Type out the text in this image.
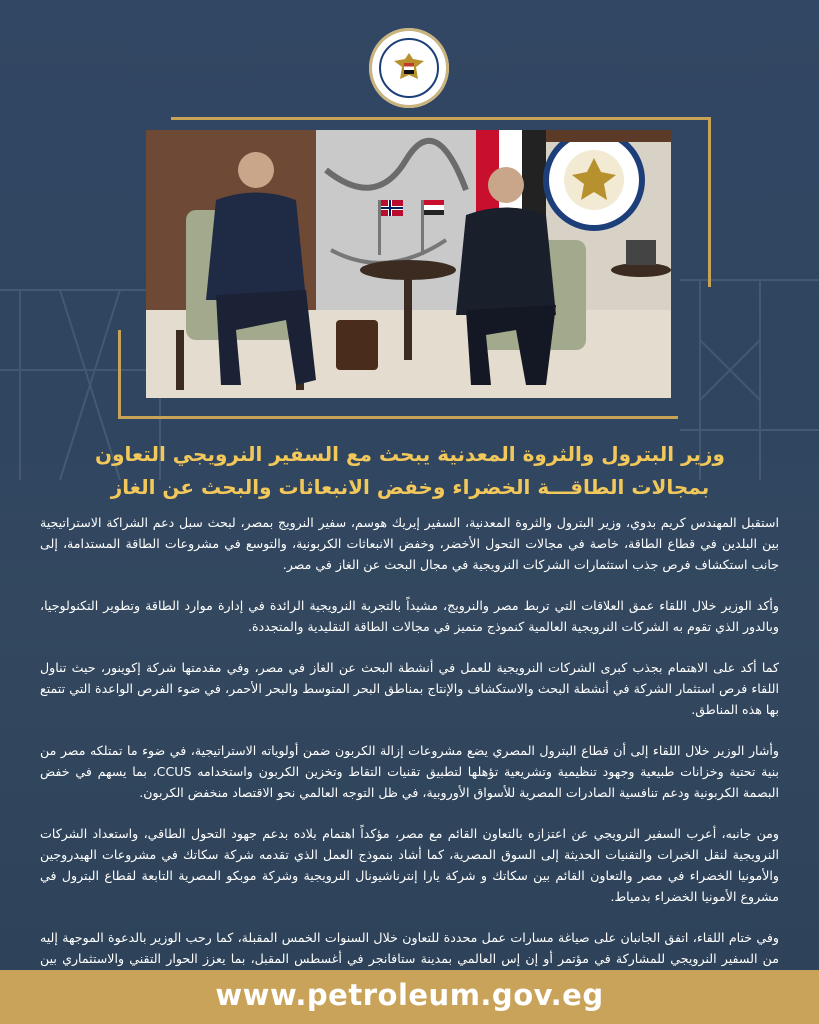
وزير البترول والثروة المعدنية يبحث مع السفير النرويجي التعاون
بمجالات الطاقـــة الخضراء وخفض الانبعاثات والبحث عن الغاز

استقبل المهندس كريم بدوي، وزير البترول والثروة المعدنية، السفير إيريك هوسم، سفير النرويج بمصر، لبحث سبل دعم الشراكة الاستراتيجية بين البلدين في قطاع الطاقة، خاصة في مجالات التحول الأخضر، وخفض الانبعاثات الكربونية، والتوسع في مشروعات الطاقة المستدامة، إلى جانب استكشاف فرص جذب استثمارات الشركات النرويجية في مجال البحث عن الغاز في مصر.

وأكد الوزير خلال اللقاء عمق العلاقات التي تربط مصر والنرويج، مشيداً بالتجربة النرويجية الرائدة في إدارة موارد الطاقة وتطوير التكنولوجيا، وبالدور الذي تقوم به الشركات النرويجية العالمية كنموذج متميز في مجالات الطاقة التقليدية والمتجددة.

كما أكد على الاهتمام بجذب كبرى الشركات النرويجية للعمل في أنشطة البحث عن الغاز في مصر، وفي مقدمتها شركة إكوينور، حيث تناول اللقاء فرص استثمار الشركة في أنشطة البحث والاستكشاف والإنتاج بمناطق البحر المتوسط والبحر الأحمر، في ضوء الفرص الواعدة التي تتمتع بها هذه المناطق.

وأشار الوزير خلال اللقاء إلى أن قطاع البترول المصري يضع مشروعات إزالة الكربون ضمن أولوياته الاستراتيجية، في ضوء ما تمتلكه مصر من بنية تحتية وخزانات طبيعية وجهود تنظيمية وتشريعية تؤهلها لتطبيق تقنيات التقاط وتخزين الكربون واستخدامه CCUS، بما يسهم في خفض البصمة الكربونية ودعم تنافسية الصادرات المصرية للأسواق الأوروبية، في ظل التوجه العالمي نحو الاقتصاد منخفض الكربون.

ومن جانبه، أعرب السفير النرويجي عن اعتزازه بالتعاون القائم مع مصر، مؤكداً اهتمام بلاده بدعم جهود التحول الطاقي، واستعداد الشركات النرويجية لنقل الخبرات والتقنيات الحديثة إلى السوق المصرية، كما أشاد بنموذج العمل الذي تقدمه شركة سكاتك في مشروعات الهيدروجين والأمونيا الخضراء في مصر والتعاون القائم بين سكاتك و شركة يارا إنترناشيونال النرويجية وشركة موبكو المصرية التابعة لقطاع البترول في مشروع الأمونيا الخضراء بدمياط.

وفي ختام اللقاء، اتفق الجانبان على صياغة مسارات عمل محددة للتعاون خلال السنوات الخمس المقبلة، كما رحب الوزير بالدعوة الموجهة إليه من السفير النرويجي للمشاركة في مؤتمر أو إن إس العالمي بمدينة ستافانجر في أغسطس المقبل، بما يعزز الحوار التقني والاستثماري بين

www.petroleum.gov.eg
